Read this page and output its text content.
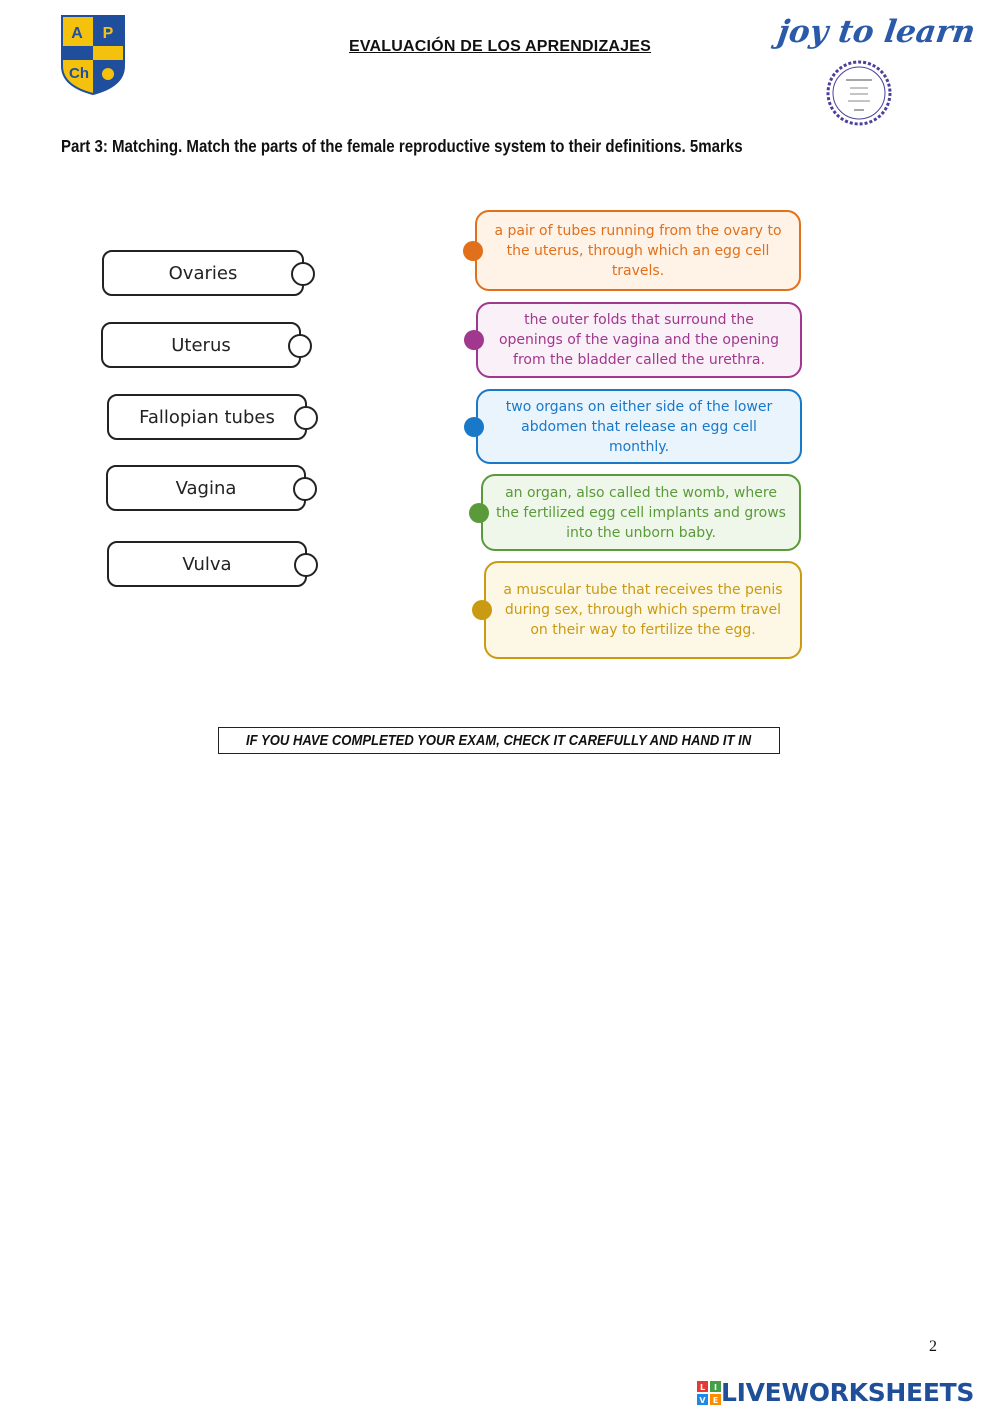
A P
Ch
EVALUACIÓN DE LOS APRENDIZAJES	joy to learn
Part 3: Matching. Match the parts of the female reproductive system to their definitions. 5marks
Ovaries
Uterus
Fallopian tubes
Vagina
Vulva
a pair of tubes running from the ovary to the uterus, through which an egg cell travels.
the outer folds that surround the openings of the vagina and the opening from the bladder called the urethra.
two organs on either side of the lower abdomen that release an egg cell monthly.
an organ, also called the womb, where the fertilized egg cell implants and grows into the unborn baby.
a muscular tube that receives the penis during sex, through which sperm travel on their way to fertilize the egg.
IF YOU HAVE COMPLETED YOUR EXAM, CHECK IT CAREFULLY AND HAND IT IN
2
L I
V E LIVEWORKSHEETS
